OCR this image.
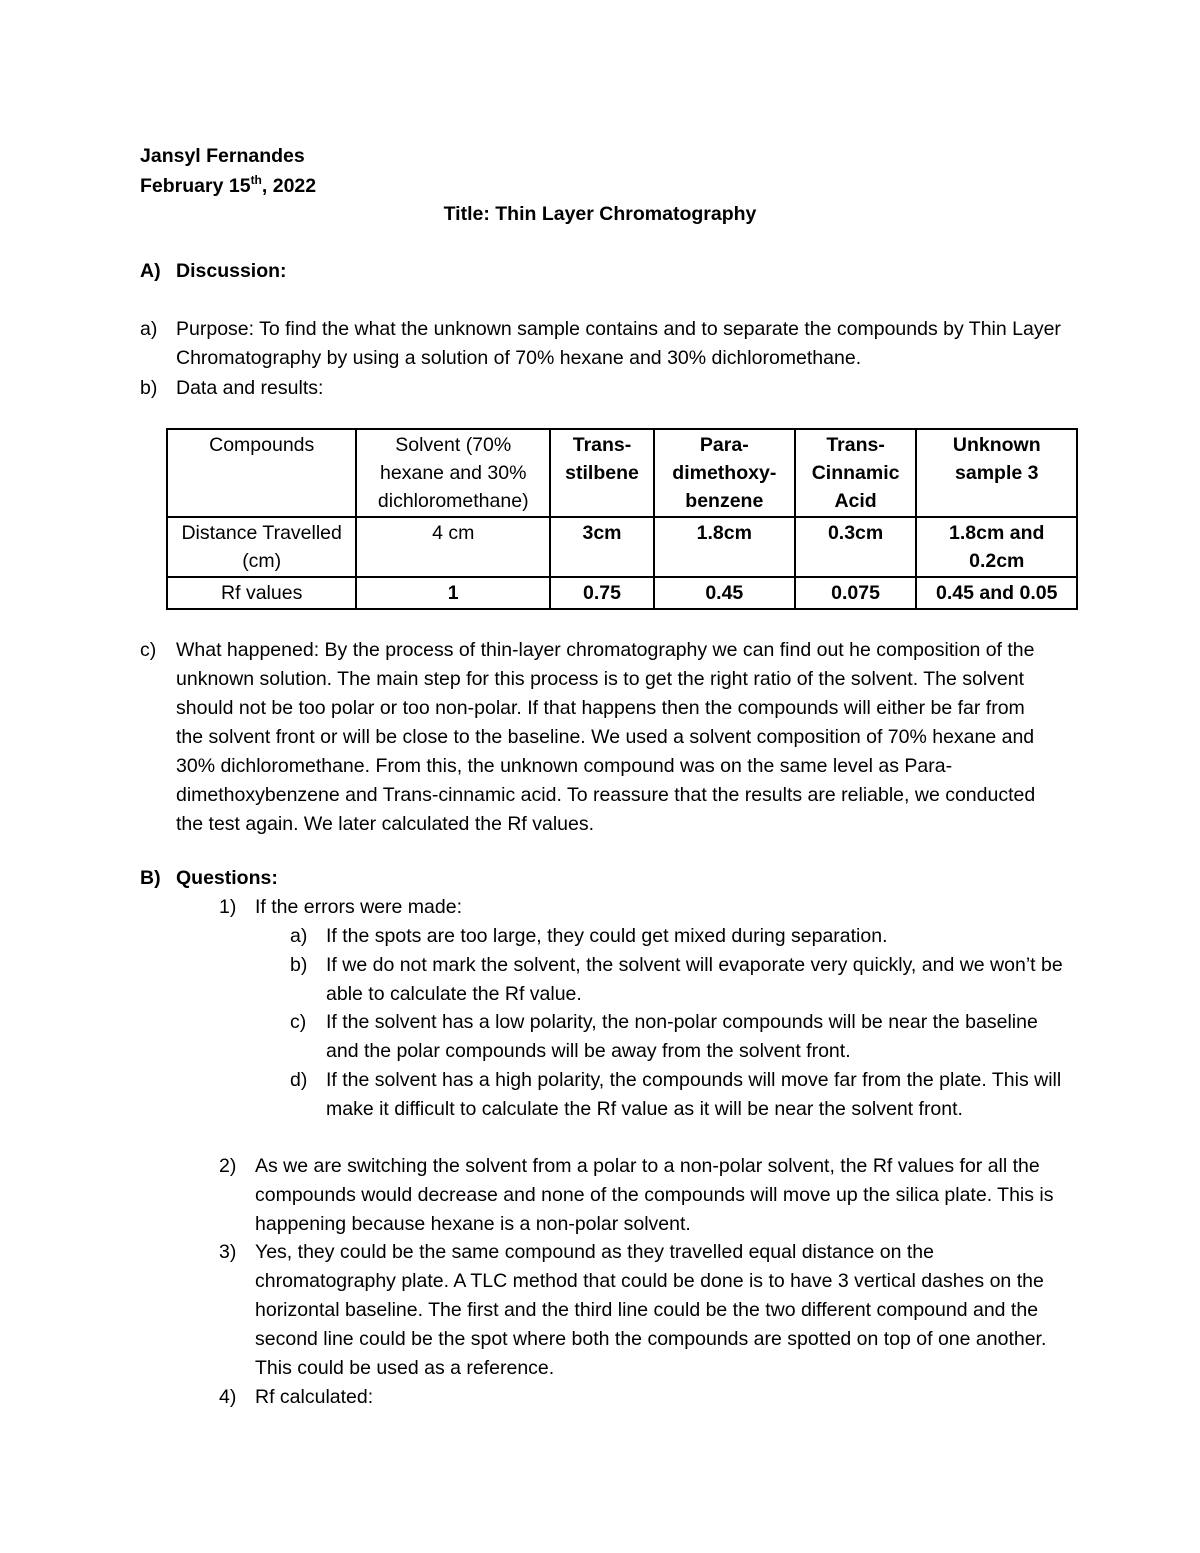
Jansyl Fernandes
February 15th, 2022
Title: Thin Layer Chromatography
A) Discussion:
a) Purpose: To find the what the unknown sample contains and to separate the compounds by Thin Layer Chromatography by using a solution of 70% hexane and 30% dichloromethane.
b) Data and results:
Compounds	Solvent (70% hexane and 30% dichloromethane)	Trans-stilbene	Para-dimethoxy-benzene	Trans-Cinnamic Acid	Unknown sample 3
Distance Travelled (cm)	4 cm	3cm	1.8cm	0.3cm	1.8cm and 0.2cm
Rf values	1	0.75	0.45	0.075	0.45 and 0.05
c) What happened: By the process of thin-layer chromatography we can find out he composition of the unknown solution. The main step for this process is to get the right ratio of the solvent. The solvent should not be too polar or too non-polar. If that happens then the compounds will either be far from the solvent front or will be close to the baseline. We used a solvent composition of 70% hexane and 30% dichloromethane. From this, the unknown compound was on the same level as Para-dimethoxybenzene and Trans-cinnamic acid. To reassure that the results are reliable, we conducted the test again. We later calculated the Rf values.
B) Questions:
1) If the errors were made:
a) If the spots are too large, they could get mixed during separation.
b) If we do not mark the solvent, the solvent will evaporate very quickly, and we won’t be able to calculate the Rf value.
c) If the solvent has a low polarity, the non-polar compounds will be near the baseline and the polar compounds will be away from the solvent front.
d) If the solvent has a high polarity, the compounds will move far from the plate. This will make it difficult to calculate the Rf value as it will be near the solvent front.
2) As we are switching the solvent from a polar to a non-polar solvent, the Rf values for all the compounds would decrease and none of the compounds will move up the silica plate. This is happening because hexane is a non-polar solvent.
3) Yes, they could be the same compound as they travelled equal distance on the chromatography plate. A TLC method that could be done is to have 3 vertical dashes on the horizontal baseline. The first and the third line could be the two different compound and the second line could be the spot where both the compounds are spotted on top of one another. This could be used as a reference.
4) Rf calculated:
